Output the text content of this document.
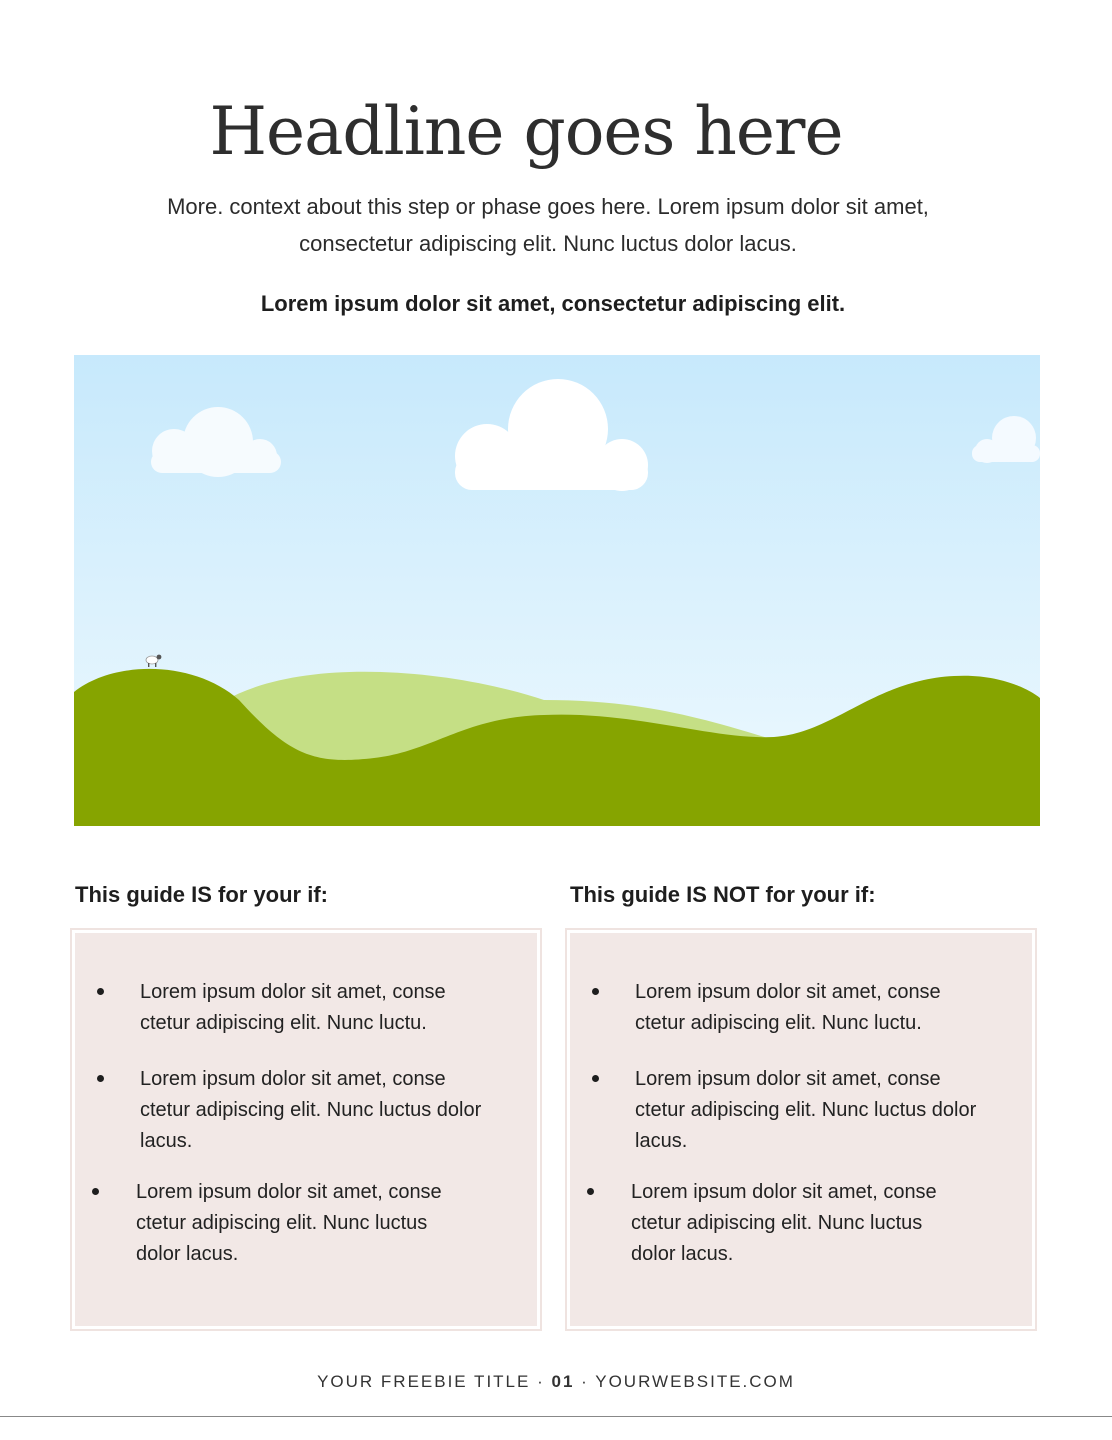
Headline goes here

More. context about this step or phase goes here. Lorem ipsum dolor sit amet, consectetur adipiscing elit. Nunc luctus dolor lacus.

Lorem ipsum dolor sit amet, consectetur adipiscing elit.

This guide IS for your if:	This guide IS NOT for your if:
Lorem ipsum dolor sit amet, conse
ctetur adipiscing elit. Nunc luctu.
Lorem ipsum dolor sit amet, conse
ctetur adipiscing elit. Nunc luctus dolor
lacus.
Lorem ipsum dolor sit amet, conse
ctetur adipiscing elit. Nunc luctus
dolor lacus.
Lorem ipsum dolor sit amet, conse
ctetur adipiscing elit. Nunc luctu.
Lorem ipsum dolor sit amet, conse
ctetur adipiscing elit. Nunc luctus dolor
lacus.
Lorem ipsum dolor sit amet, conse
ctetur adipiscing elit. Nunc luctus
dolor lacus.
YOUR FREEBIE TITLE · 01 · YOURWEBSITE.COM
